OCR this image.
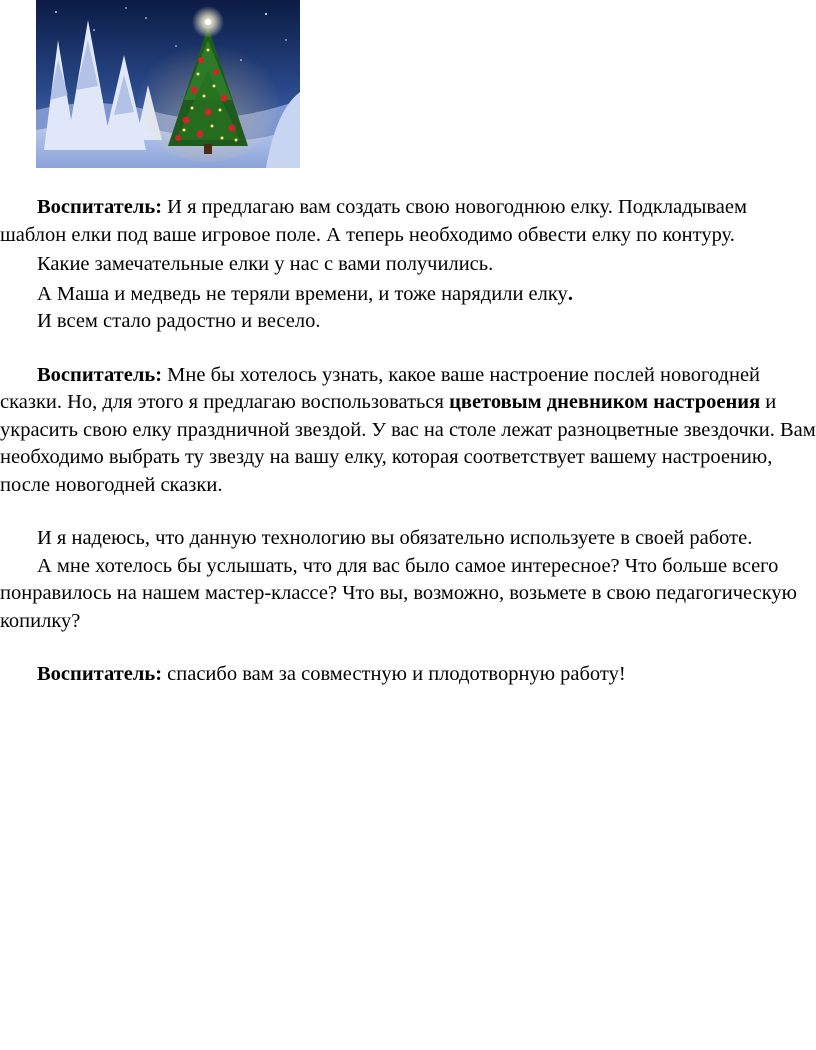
Воспитатель: И я предлагаю вам создать свою новогоднюю елку. Подкладываем шаблон елки под ваше игровое поле. А теперь необходимо обвести елку по контуру.

Какие замечательные елки у нас с вами получились.

А Маша и медведь не теряли времени, и тоже нарядили елку.

И всем стало радостно и весело.

Воспитатель: Мне бы хотелось узнать, какое ваше настроение послей новогодней сказки. Но, для этого я предлагаю воспользоваться цветовым дневником настроения и украсить свою елку праздничной звездой. У вас на столе лежат разноцветные звездочки. Вам необходимо выбрать ту звезду на вашу елку, которая соответствует вашему настроению, после новогодней сказки.

И я надеюсь, что данную технологию вы обязательно используете в своей работе.

А мне хотелось бы услышать, что для вас было самое интересное? Что больше всего понравилось на нашем мастер-классе? Что вы, возможно, возьмете в свою педагогическую копилку?

Воспитатель: спасибо вам за совместную и плодотворную работу!
